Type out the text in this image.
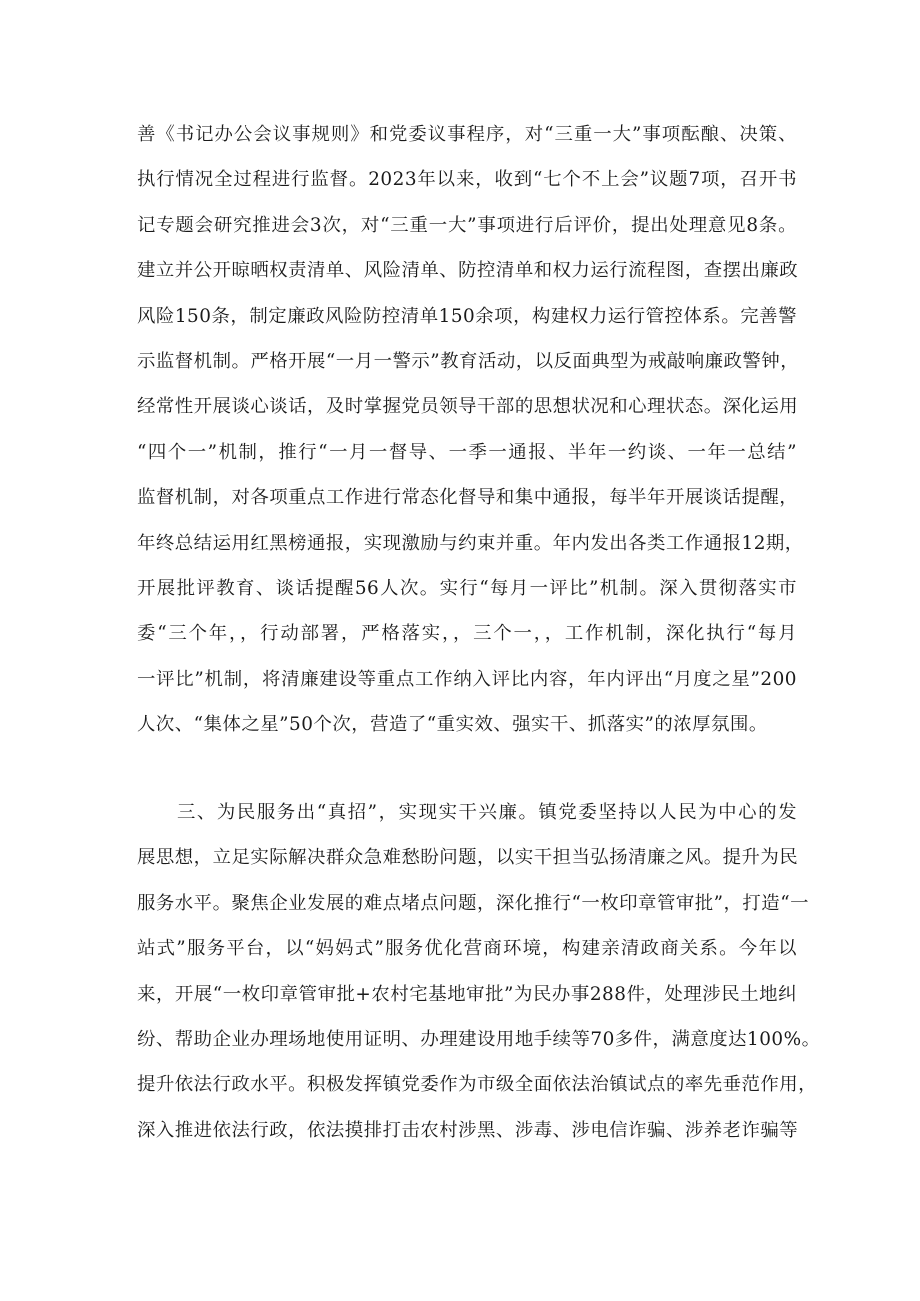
善《书记办公会议事规则》和党委议事程序，对“三重一大”事项酝酿、决策、
执行情况全过程进行监督。2023年以来，收到“七个不上会”议题7项，召开书
记专题会研究推进会3次，对“三重一大”事项进行后评价，提出处理意见8条。
建立并公开晾晒权责清单、风险清单、防控清单和权力运行流程图，查摆出廉政
风险150条，制定廉政风险防控清单150余项，构建权力运行管控体系。完善警
示监督机制。严格开展“一月一警示”教育活动，以反面典型为戒敲响廉政警钟，
经常性开展谈心谈话，及时掌握党员领导干部的思想状况和心理状态。深化运用
“四个一”机制，推行“一月一督导、一季一通报、半年一约谈、一年一总结”
监督机制，对各项重点工作进行常态化督导和集中通报，每半年开展谈话提醒，
年终总结运用红黑榜通报，实现激励与约束并重。年内发出各类工作通报12期，
开展批评教育、谈话提醒56人次。实行“每月一评比”机制。深入贯彻落实市
委“三个年，，行动部署，严格落实，，三个一，，工作机制，深化执行“每月
一评比”机制，将清廉建设等重点工作纳入评比内容，年内评出“月度之星”200
人次、“集体之星”50个次，营造了“重实效、强实干、抓落实”的浓厚氛围。
　　三、为民服务出“真招”，实现实干兴廉。镇党委坚持以人民为中心的发
展思想，立足实际解决群众急难愁盼问题，以实干担当弘扬清廉之风。提升为民
服务水平。聚焦企业发展的难点堵点问题，深化推行“一枚印章管审批”，打造“一
站式”服务平台，以“妈妈式”服务优化营商环境，构建亲清政商关系。今年以
来，开展“一枚印章管审批+农村宅基地审批”为民办事288件，处理涉民土地纠
纷、帮助企业办理场地使用证明、办理建设用地手续等70多件，满意度达100%。
提升依法行政水平。积极发挥镇党委作为市级全面依法治镇试点的率先垂范作用，
深入推进依法行政，依法摸排打击农村涉黑、涉毒、涉电信诈骗、涉养老诈骗等
